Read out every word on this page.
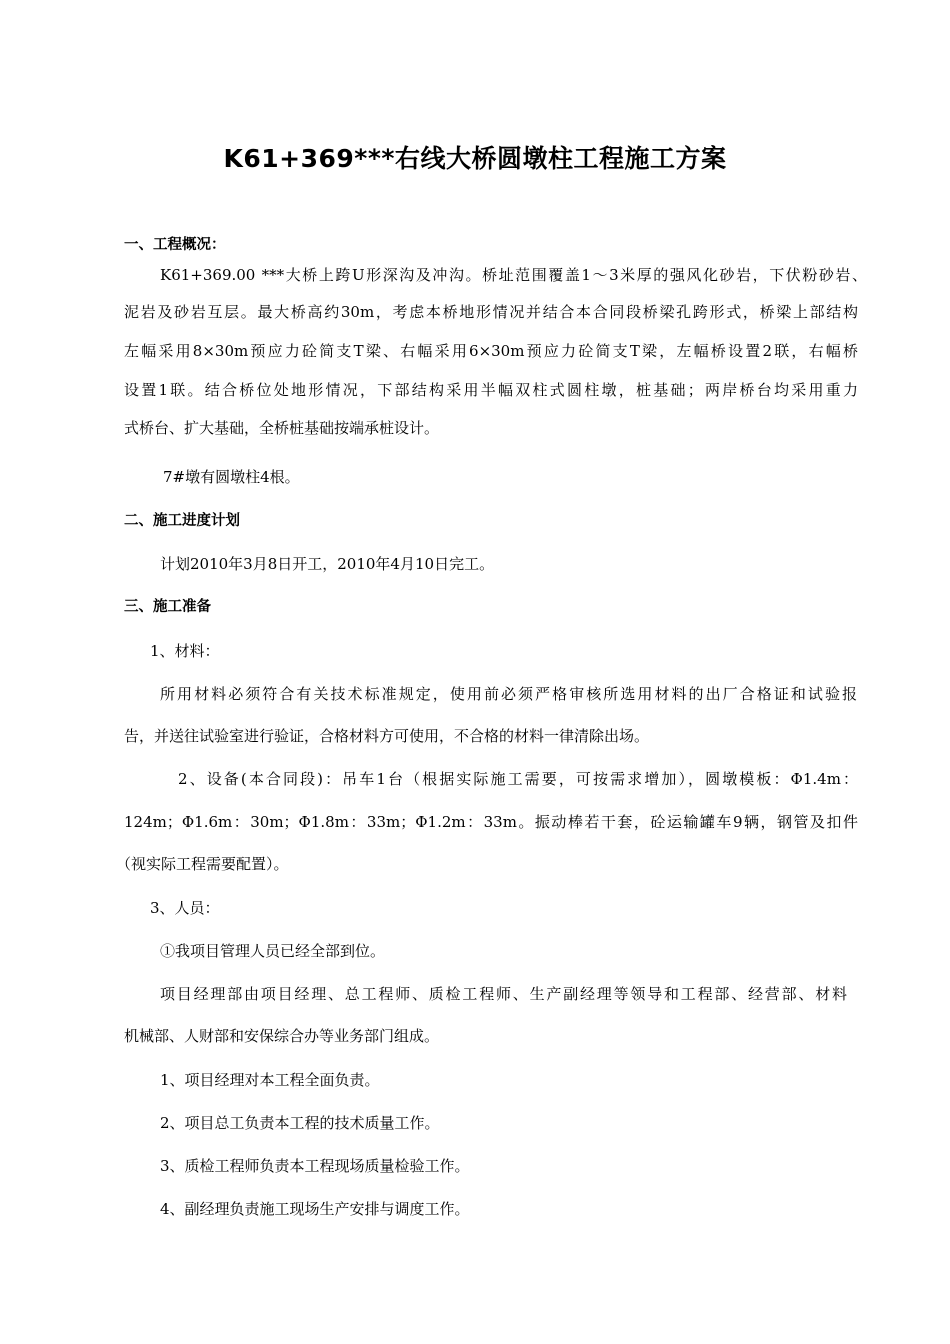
K61+369***右线大桥圆墩柱工程施工方案
一、工程概况：
K61+369.00 ***大桥上跨U形深沟及冲沟。桥址范围覆盖1～3米厚的强风化砂岩，下伏粉砂岩、
泥岩及砂岩互层。最大桥高约30m，考虑本桥地形情况并结合本合同段桥梁孔跨形式，桥梁上部结构
左幅采用8×30m预应力砼简支T梁、右幅采用6×30m预应力砼简支T梁，左幅桥设置2联，右幅桥
设置1联。结合桥位处地形情况，下部结构采用半幅双柱式圆柱墩，桩基础；两岸桥台均采用重力
式桥台、扩大基础，全桥桩基础按端承桩设计。
7#墩有圆墩柱4根。
二、施工进度计划
计划2010年3月8日开工，2010年4月10日完工。
三、施工准备
1、材料：
所用材料必须符合有关技术标准规定，使用前必须严格审核所选用材料的出厂合格证和试验报
告，并送往试验室进行验证，合格材料方可使用，不合格的材料一律清除出场。
2、设备(本合同段)：吊车1台（根据实际施工需要，可按需求增加），圆墩模板：Φ1.4m：
124m；Φ1.6m：30m；Φ1.8m：33m；Φ1.2m：33m。振动棒若干套，砼运输罐车9辆，钢管及扣件
（视实际工程需要配置）。
3、人员：
①我项目管理人员已经全部到位。
项目经理部由项目经理、总工程师、质检工程师、生产副经理等领导和工程部、经营部、材料
机械部、人财部和安保综合办等业务部门组成。
1、项目经理对本工程全面负责。
2、项目总工负责本工程的技术质量工作。
3、质检工程师负责本工程现场质量检验工作。
4、副经理负责施工现场生产安排与调度工作。
